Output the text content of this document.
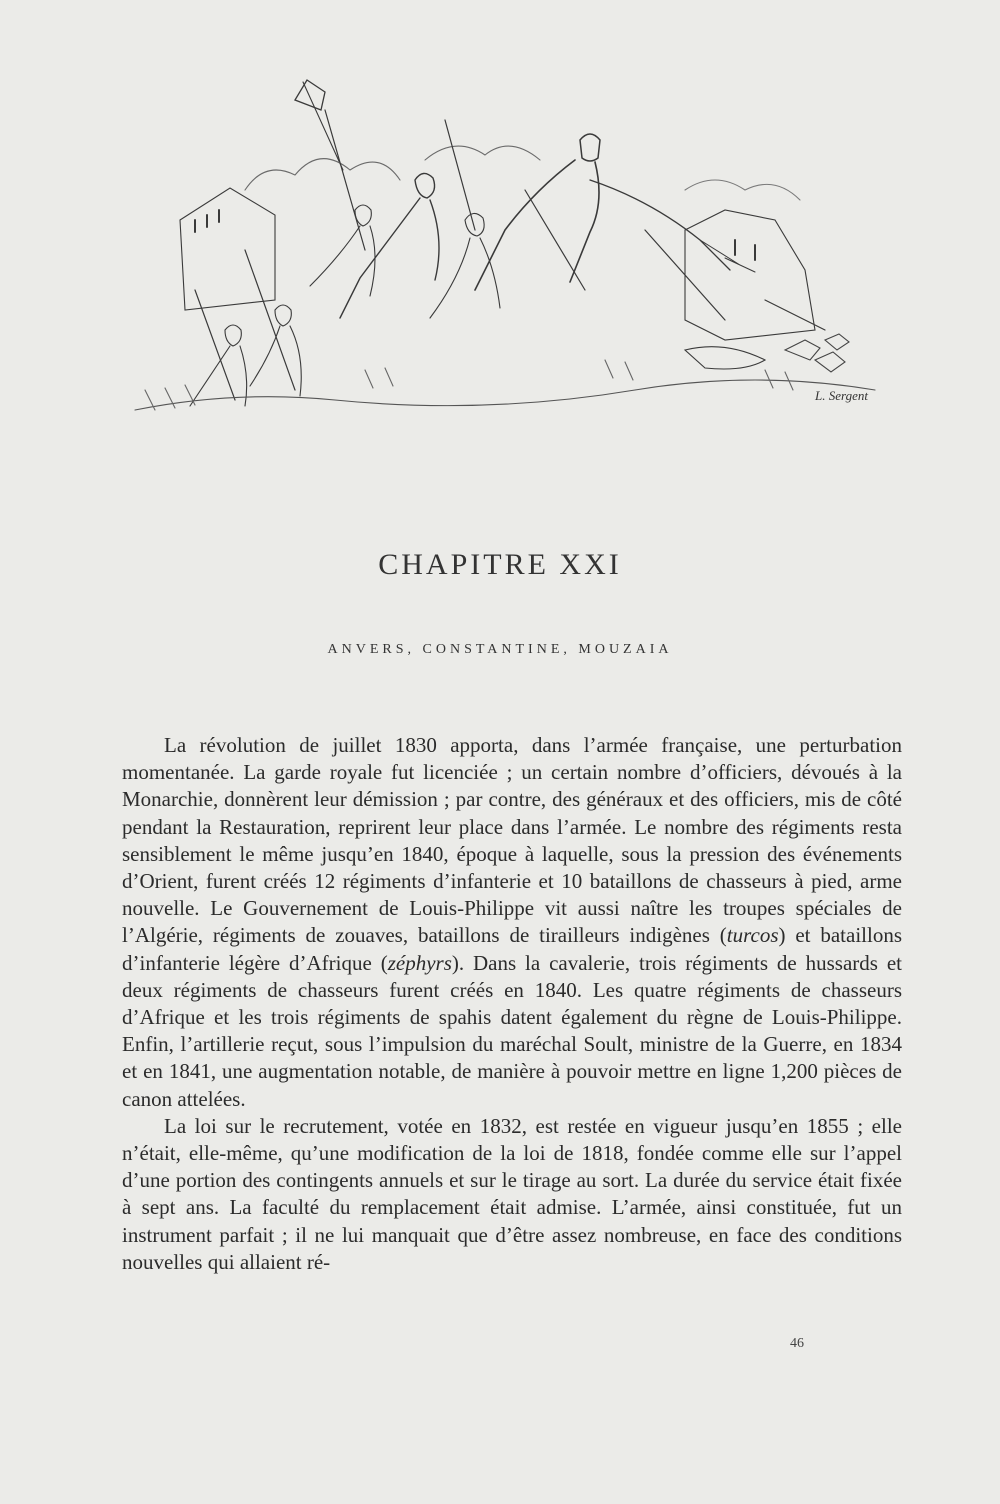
L. Sergent
CHAPITRE XXI
ANVERS, CONSTANTINE, MOUZAIA

La révolution de juillet 1830 apporta, dans l’armée française, une perturbation momentanée. La garde royale fut licenciée ; un certain nombre d’officiers, dévoués à la Monarchie, donnèrent leur démission ; par contre, des généraux et des officiers, mis de côté pendant la Restauration, reprirent leur place dans l’armée. Le nombre des régiments resta sensiblement le même jusqu’en 1840, époque à laquelle, sous la pression des événements d’Orient, furent créés 12 régiments d’infanterie et 10 bataillons de chasseurs à pied, arme nouvelle. Le Gouvernement de Louis-Philippe vit aussi naître les troupes spéciales de l’Algérie, régiments de zouaves, bataillons de tirailleurs indigènes (turcos) et bataillons d’infanterie légère d’Afrique (zéphyrs). Dans la cavalerie, trois régiments de hussards et deux régiments de chasseurs furent créés en 1840. Les quatre régiments de chasseurs d’Afrique et les trois régiments de spahis datent également du règne de Louis-Philippe. Enfin, l’artillerie reçut, sous l’impulsion du maréchal Soult, ministre de la Guerre, en 1834 et en 1841, une augmentation notable, de manière à pouvoir mettre en ligne 1,200 pièces de canon attelées.

La loi sur le recrutement, votée en 1832, est restée en vigueur jusqu’en 1855 ; elle n’était, elle-même, qu’une modification de la loi de 1818, fondée comme elle sur l’appel d’une portion des contingents annuels et sur le tirage au sort. La durée du service était fixée à sept ans. La faculté du remplacement était admise. L’armée, ainsi constituée, fut un instrument parfait ; il ne lui manquait que d’être assez nombreuse, en face des conditions nouvelles qui allaient ré-

46
